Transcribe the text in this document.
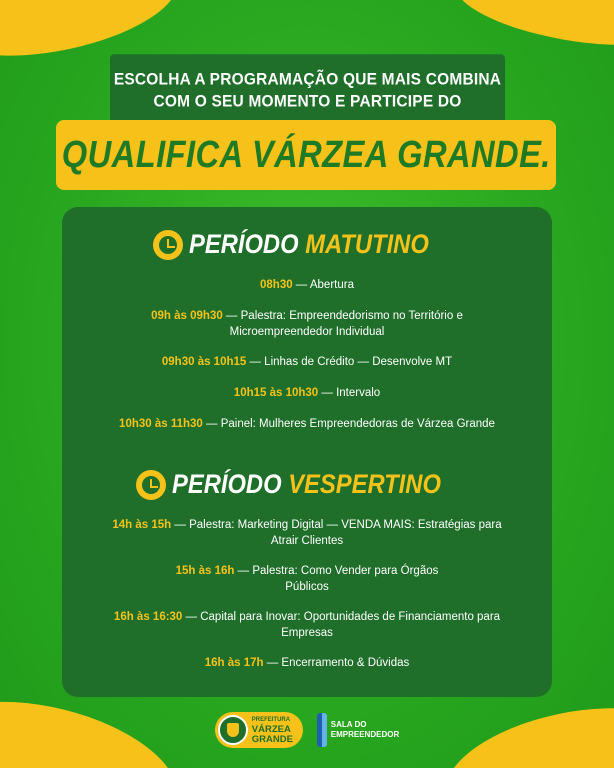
ESCOLHA A PROGRAMAÇÃO QUE MAIS COMBINA
COM O SEU MOMENTO E PARTICIPE DO
QUALIFICA VÁRZEA GRANDE.
PERÍODO MATUTINO
08h30 — Abertura
09h às 09h30 — Palestra: Empreendedorismo no Território e Microempreendedor Individual
09h30 às 10h15 — Linhas de Crédito — Desenvolve MT
10h15 às 10h30 — Intervalo
10h30 às 11h30 — Painel: Mulheres Empreendedoras de Várzea Grande
PERÍODO VESPERTINO
14h às 15h — Palestra: Marketing Digital — VENDA MAIS: Estratégias para Atrair Clientes
15h às 16h — Palestra: Como Vender para Órgãos Públicos
16h às 16:30 — Capital para Inovar: Oportunidades de Financiamento para Empresas
16h às 17h — Encerramento & Dúvidas
PREFEITURA
VÁRZEA
GRANDE
SALA DO
EMPREENDEDOR
